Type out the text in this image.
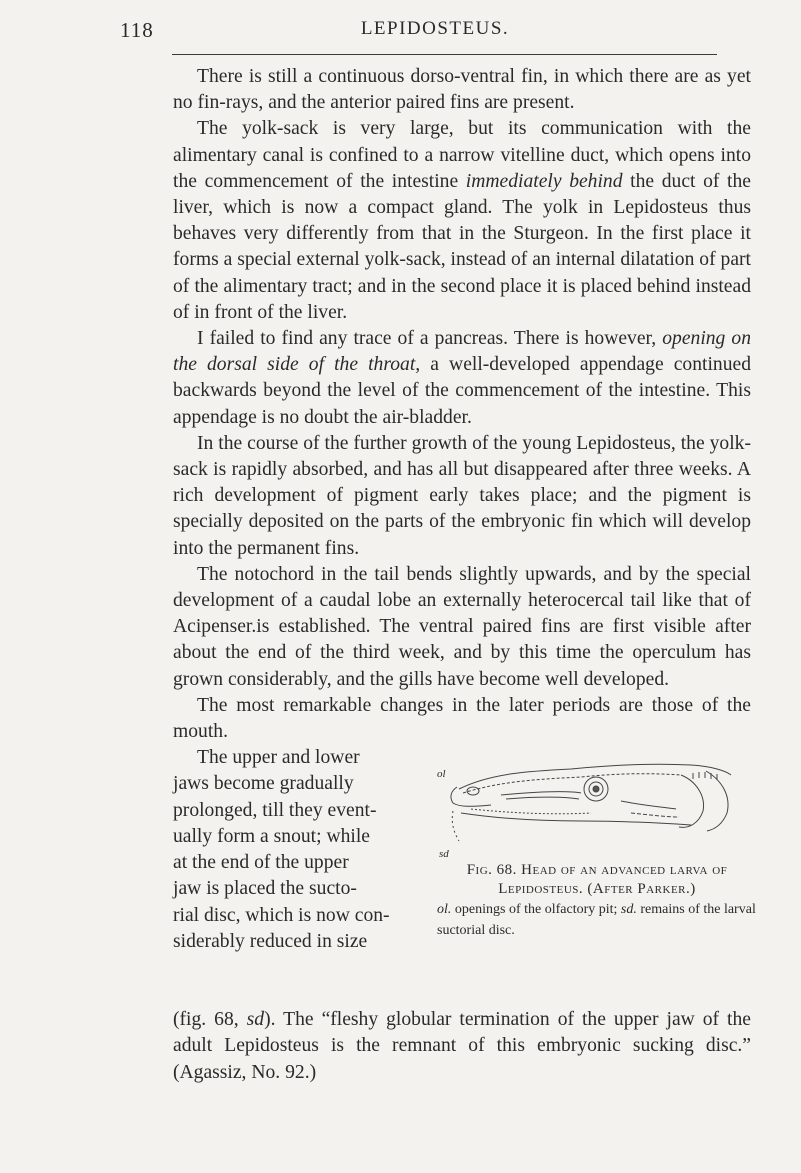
118	LEPIDOSTEUS.

There is still a continuous dorso-ventral fin, in which there are as yet no fin-rays, and the anterior paired fins are present.

The yolk-sack is very large, but its communication with the alimentary canal is confined to a narrow vitelline duct, which opens into the commencement of the intestine immediately behind the duct of the liver, which is now a compact gland. The yolk in Lepidosteus thus behaves very differently from that in the Sturgeon. In the first place it forms a special external yolk-sack, instead of an internal dilatation of part of the alimentary tract; and in the second place it is placed behind instead of in front of the liver.

I failed to find any trace of a pancreas. There is however, opening on the dorsal side of the throat, a well-developed appendage continued backwards beyond the level of the commencement of the intestine. This appendage is no doubt the air-bladder.

In the course of the further growth of the young Lepidosteus, the yolk-sack is rapidly absorbed, and has all but disappeared after three weeks. A rich development of pigment early takes place; and the pigment is specially deposited on the parts of the embryonic fin which will develop into the permanent fins.

The notochord in the tail bends slightly upwards, and by the special development of a caudal lobe an externally heterocercal tail like that of Acipenser.is established. The ventral paired fins are first visible after about the end of the third week, and by this time the operculum has grown considerably, and the gills have become well developed.

The most remarkable changes in the later periods are those of the mouth.

The upper and lower
jaws become gradually
prolonged, till they event-
ually form a snout; while
at the end of the upper
jaw is placed the sucto-
rial disc, which is now con-
siderably reduced in size
ol
sd
Fig. 68. Head of an advanced larva of Lepidosteus. (After Parker.)
ol. openings of the olfactory pit; sd. remains of the larval suctorial disc.

(fig. 68, sd). The “fleshy globular termination of the upper jaw of the adult Lepidosteus is the remnant of this embryonic sucking disc.” (Agassiz, No. 92.)
